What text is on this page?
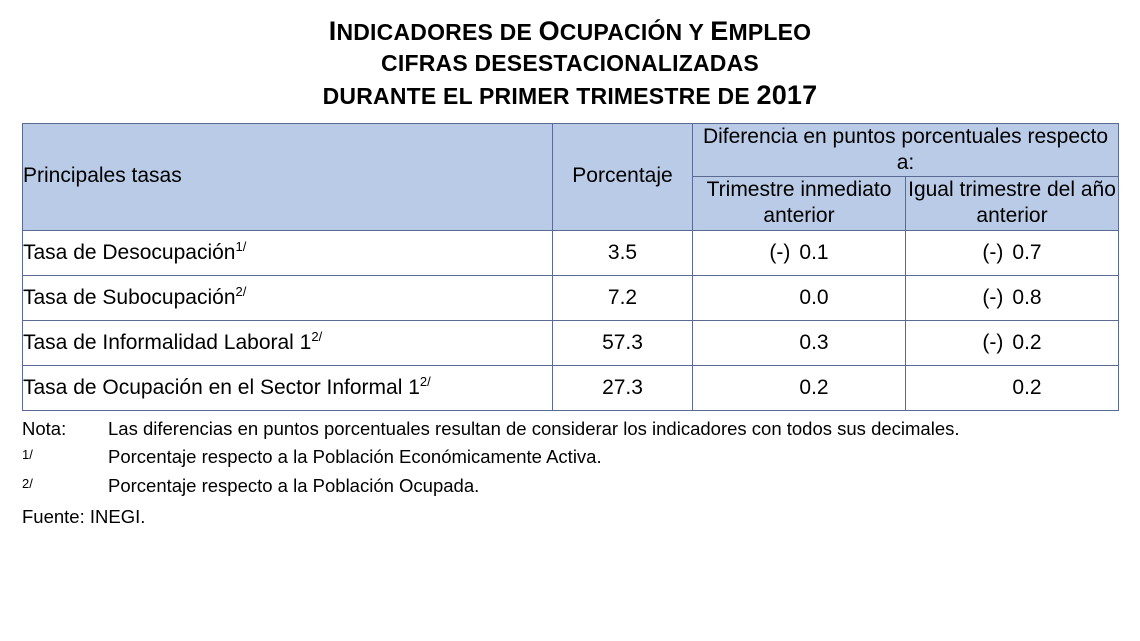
INDICADORES DE OCUPACIÓN Y EMPLEO
CIFRAS DESESTACIONALIZADAS
DURANTE EL PRIMER TRIMESTRE DE 2017
Principales tasas	Porcentaje	Diferencia en puntos porcentuales respecto a:	
		Trimestre inmediato anterior	Igual trimestre del año anterior
Tasa de Desocupación$^{1/}$	3.5	(-) 0.1	(-) 0.7
Tasa de Subocupación$^{2/}$	7.2	0.0	(-) 0.8
Tasa de Informalidad Laboral $1^{2/}$	57.3	0.3	(-) 0.2
Tasa de Ocupación en el Sector Informal $1^{2/}$	27.3	0.2	0.2
Nota:	Las diferencias en puntos porcentuales resultan de considerar los indicadores con todos sus decimales.
1/	Porcentaje respecto a la Población Económicamente Activa.
2/	Porcentaje respecto a la Población Ocupada.
Fuente: INEGI.
